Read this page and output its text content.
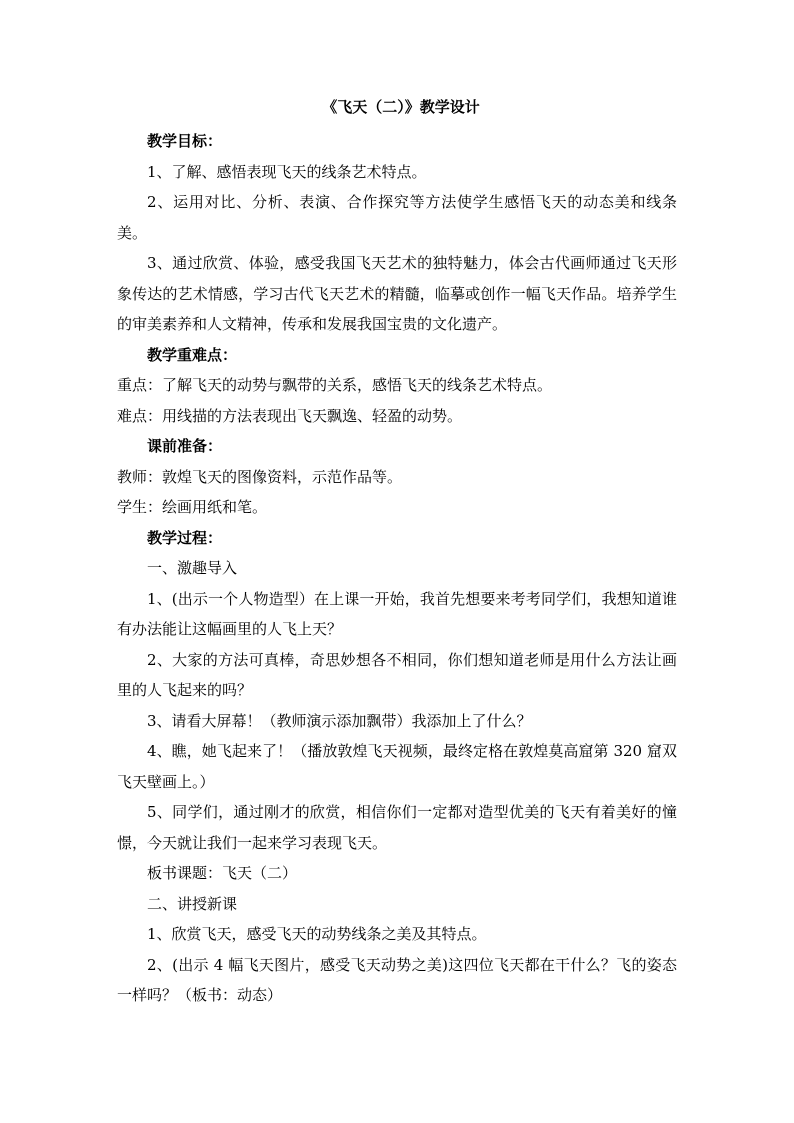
《飞天（二）》教学设计

教学目标：

1、了解、感悟表现飞天的线条艺术特点。

2、运用对比、分析、表演、合作探究等方法使学生感悟飞天的动态美和线条美。

3、通过欣赏、体验，感受我国飞天艺术的独特魅力，体会古代画师通过飞天形象传达的艺术情感，学习古代飞天艺术的精髓，临摹或创作一幅飞天作品。培养学生的审美素养和人文精神，传承和发展我国宝贵的文化遗产。

教学重难点：

重点：了解飞天的动势与飘带的关系，感悟飞天的线条艺术特点。

难点：用线描的方法表现出飞天飘逸、轻盈的动势。

课前准备：

教师：敦煌飞天的图像资料，示范作品等。

学生：绘画用纸和笔。

教学过程：

一、激趣导入

1、(出示一个人物造型）在上课一开始，我首先想要来考考同学们，我想知道谁有办法能让这幅画里的人飞上天？

2、大家的方法可真棒，奇思妙想各不相同，你们想知道老师是用什么方法让画里的人飞起来的吗？

3、请看大屏幕！（教师演示添加飘带）我添加上了什么？

4、瞧，她飞起来了！（播放敦煌飞天视频，最终定格在敦煌莫高窟第 320 窟双飞天壁画上。）

5、同学们，通过刚才的欣赏，相信你们一定都对造型优美的飞天有着美好的憧憬，今天就让我们一起来学习表现飞天。

板书课题：飞天（二）

二、讲授新课

1、欣赏飞天，感受飞天的动势线条之美及其特点。

2、(出示 4 幅飞天图片，感受飞天动势之美)这四位飞天都在干什么？飞的姿态一样吗？（板书：动态）
